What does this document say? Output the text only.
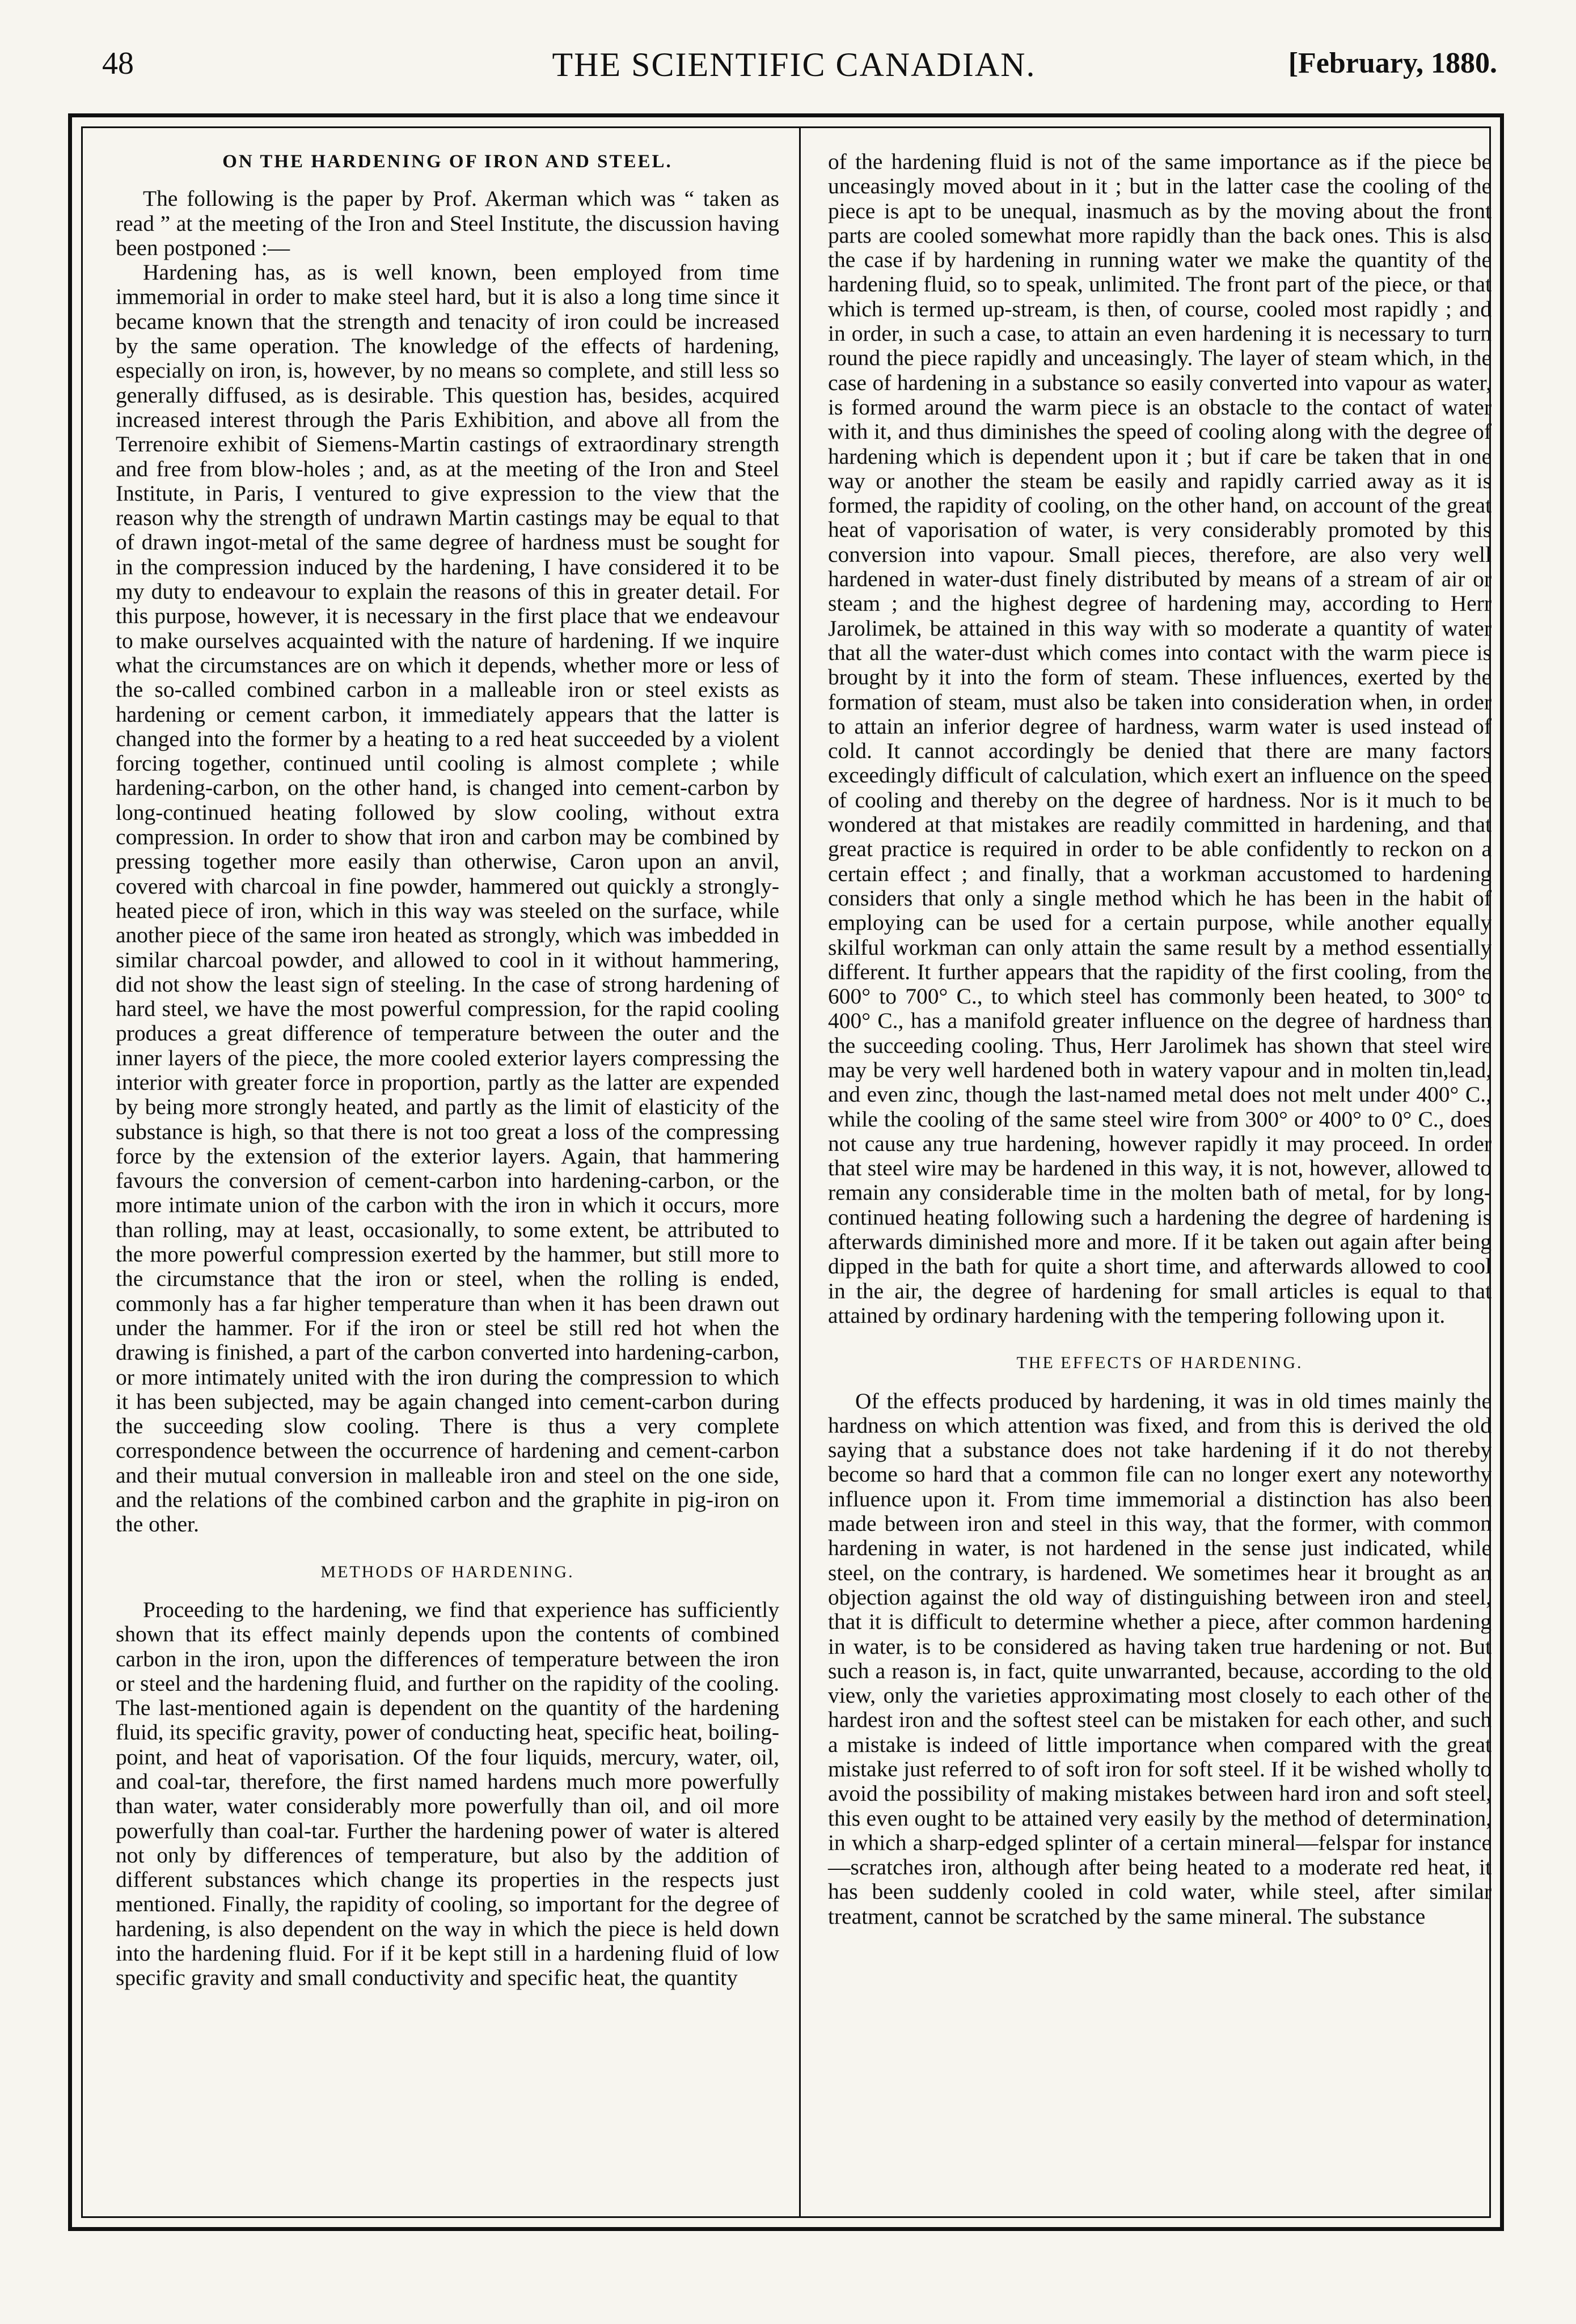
48	THE SCIENTIFIC CANADIAN.	[February, 1880.
ON THE HARDENING OF IRON AND STEEL.

The following is the paper by Prof. Akerman which was “ taken as read ” at the meeting of the Iron and Steel Institute, the discussion having been postponed :—

Hardening has, as is well known, been employed from time immemorial in order to make steel hard, but it is also a long time since it became known that the strength and tenacity of iron could be increased by the same operation. The knowledge of the effects of hardening, especially on iron, is, however, by no means so complete, and still less so generally diffused, as is desirable. This question has, besides, acquired increased interest through the Paris Exhibition, and above all from the Terrenoire exhibit of Siemens-Martin castings of extraordinary strength and free from blow-holes ; and, as at the meeting of the Iron and Steel Institute, in Paris, I ventured to give expression to the view that the reason why the strength of undrawn Martin castings may be equal to that of drawn ingot-metal of the same degree of hardness must be sought for in the compression induced by the hardening, I have considered it to be my duty to endeavour to explain the reasons of this in greater detail. For this purpose, however, it is necessary in the first place that we endeavour to make ourselves acquainted with the nature of hardening. If we inquire what the circumstances are on which it depends, whether more or less of the so-called combined carbon in a malleable iron or steel exists as hardening or cement carbon, it immediately appears that the latter is changed into the former by a heating to a red heat succeeded by a violent forcing together, continued until cooling is almost complete ; while hardening-carbon, on the other hand, is changed into cement-carbon by long-continued heating followed by slow cooling, without extra compression. In order to show that iron and carbon may be combined by pressing together more easily than otherwise, Caron upon an anvil, covered with charcoal in fine powder, hammered out quickly a strongly-heated piece of iron, which in this way was steeled on the surface, while another piece of the same iron heated as strongly, which was imbedded in similar charcoal powder, and allowed to cool in it without hammering, did not show the least sign of steeling. In the case of strong hardening of hard steel, we have the most powerful compression, for the rapid cooling produces a great difference of temperature between the outer and the inner layers of the piece, the more cooled exterior layers compressing the interior with greater force in proportion, partly as the latter are expended by being more strongly heated, and partly as the limit of elasticity of the substance is high, so that there is not too great a loss of the compressing force by the extension of the exterior layers. Again, that hammering favours the conversion of cement-carbon into hardening-carbon, or the more intimate union of the carbon with the iron in which it occurs, more than rolling, may at least, occasionally, to some extent, be attributed to the more powerful compression exerted by the hammer, but still more to the circumstance that the iron or steel, when the rolling is ended, commonly has a far higher temperature than when it has been drawn out under the hammer. For if the iron or steel be still red hot when the drawing is finished, a part of the carbon converted into hardening-carbon, or more intimately united with the iron during the compression to which it has been subjected, may be again changed into cement-carbon during the succeeding slow cooling. There is thus a very complete correspondence between the occurrence of hardening and cement-carbon and their mutual conversion in malleable iron and steel on the one side, and the relations of the combined carbon and the graphite in pig-iron on the other.

METHODS OF HARDENING.

Proceeding to the hardening, we find that experience has sufficiently shown that its effect mainly depends upon the contents of combined carbon in the iron, upon the differences of temperature between the iron or steel and the hardening fluid, and further on the rapidity of the cooling. The last-mentioned again is dependent on the quantity of the hardening fluid, its specific gravity, power of conducting heat, specific heat, boiling-point, and heat of vaporisation. Of the four liquids, mercury, water, oil, and coal-tar, therefore, the first named hardens much more powerfully than water, water considerably more powerfully than oil, and oil more powerfully than coal-tar. Further the hardening power of water is altered not only by differences of temperature, but also by the addition of different substances which change its properties in the respects just mentioned. Finally, the rapidity of cooling, so important for the degree of hardening, is also dependent on the way in which the piece is held down into the hardening fluid. For if it be kept still in a hardening fluid of low specific gravity and small conductivity and specific heat, the quantity

of the hardening fluid is not of the same importance as if the piece be unceasingly moved about in it ; but in the latter case the cooling of the piece is apt to be unequal, inasmuch as by the moving about the front parts are cooled somewhat more rapidly than the back ones. This is also the case if by hardening in running water we make the quantity of the hardening fluid, so to speak, unlimited. The front part of the piece, or that which is termed up-stream, is then, of course, cooled most rapidly ; and in order, in such a case, to attain an even hardening it is necessary to turn round the piece rapidly and unceasingly. The layer of steam which, in the case of hardening in a substance so easily converted into vapour as water, is formed around the warm piece is an obstacle to the contact of water with it, and thus diminishes the speed of cooling along with the degree of hardening which is dependent upon it ; but if care be taken that in one way or another the steam be easily and rapidly carried away as it is formed, the rapidity of cooling, on the other hand, on account of the great heat of vaporisation of water, is very considerably promoted by this conversion into vapour. Small pieces, therefore, are also very well hardened in water-dust finely distributed by means of a stream of air or steam ; and the highest degree of hardening may, according to Herr Jarolimek, be attained in this way with so moderate a quantity of water that all the water-dust which comes into contact with the warm piece is brought by it into the form of steam. These influences, exerted by the formation of steam, must also be taken into consideration when, in order to attain an inferior degree of hardness, warm water is used instead of cold. It cannot accordingly be denied that there are many factors exceedingly difficult of calculation, which exert an influence on the speed of cooling and thereby on the degree of hardness. Nor is it much to be wondered at that mistakes are readily committed in hardening, and that great practice is required in order to be able confidently to reckon on a certain effect ; and finally, that a workman accustomed to hardening considers that only a single method which he has been in the habit of employing can be used for a certain purpose, while another equally skilful workman can only attain the same result by a method essentially different. It further appears that the rapidity of the first cooling, from the 600° to 700° C., to which steel has commonly been heated, to 300° to 400° C., has a manifold greater influence on the degree of hardness than the succeeding cooling. Thus, Herr Jarolimek has shown that steel wire may be very well hardened both in watery vapour and in molten tin,lead, and even zinc, though the last-named metal does not melt under 400° C., while the cooling of the same steel wire from 300° or 400° to 0° C., does not cause any true hardening, however rapidly it may proceed. In order that steel wire may be hardened in this way, it is not, however, allowed to remain any considerable time in the molten bath of metal, for by long-continued heating following such a hardening the degree of hardening is afterwards diminished more and more. If it be taken out again after being dipped in the bath for quite a short time, and afterwards allowed to cool in the air, the degree of hardening for small articles is equal to that attained by ordinary hardening with the tempering following upon it.

THE EFFECTS OF HARDENING.

Of the effects produced by hardening, it was in old times mainly the hardness on which attention was fixed, and from this is derived the old saying that a substance does not take hardening if it do not thereby become so hard that a common file can no longer exert any noteworthy influence upon it. From time immemorial a distinction has also been made between iron and steel in this way, that the former, with common hardening in water, is not hardened in the sense just indicated, while steel, on the contrary, is hardened. We sometimes hear it brought as an objection against the old way of distinguishing between iron and steel, that it is difficult to determine whether a piece, after common hardening in water, is to be considered as having taken true hardening or not. But such a reason is, in fact, quite unwarranted, because, according to the old view, only the varieties approximating most closely to each other of the hardest iron and the softest steel can be mistaken for each other, and such a mistake is indeed of little importance when compared with the great mistake just referred to of soft iron for soft steel. If it be wished wholly to avoid the possibility of making mistakes between hard iron and soft steel, this even ought to be attained very easily by the method of determination, in which a sharp-edged splinter of a certain mineral—felspar for instance—scratches iron, although after being heated to a moderate red heat, it has been suddenly cooled in cold water, while steel, after similar treatment, cannot be scratched by the same mineral. The substance
